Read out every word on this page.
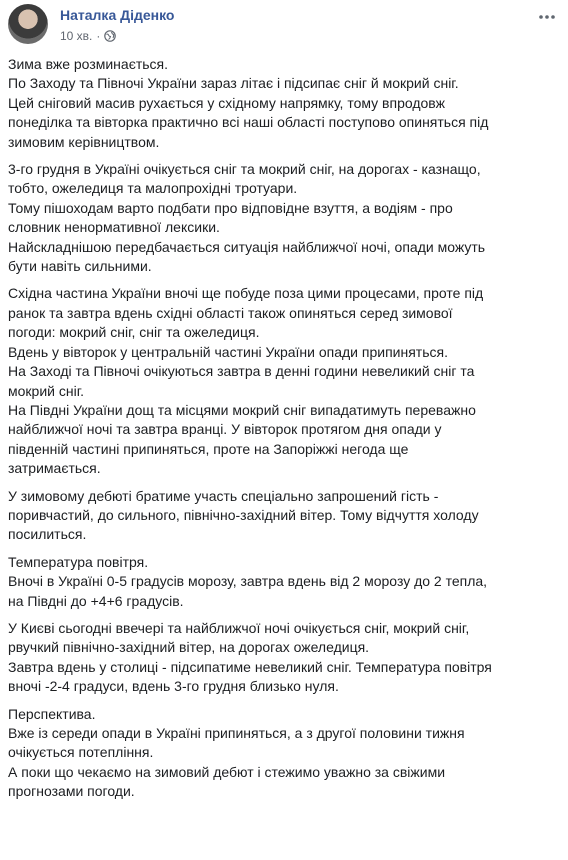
Наталка Діденко
10 хв. ·

Зима вже розминається.
По Заходу та Півночі України зараз літає і підсипає сніг й мокрий сніг.
Цей сніговий масив рухається у східному напрямку, тому впродовж
понеділка та вівторка практично всі наші області поступово опиняться під
зимовим керівництвом.

3-го грудня в Україні очікується сніг та мокрий сніг, на дорогах - казнащо,
тобто, ожеледиця та малопрохідні тротуари.
Тому пішоходам варто подбати про відповідне взуття, а водіям - про
словник ненормативної лексики.
Найскладнішою передбачається ситуація найближчої ночі, опади можуть
бути навіть сильними.

Східна частина України вночі ще побуде поза цими процесами, проте під
ранок та завтра вдень східні області також опиняться серед зимової
погоди: мокрий сніг, сніг та ожеледиця.
Вдень у вівторок у центральній частині України опади припиняться.
На Заході та Півночі очікуються завтра в денні години невеликий сніг та
мокрий сніг.
На Півдні України дощ та місцями мокрий сніг випадатимуть переважно
найближчої ночі та завтра вранці. У вівторок протягом дня опади у
південній частині припиняться, проте на Запоріжжі негода ще
затримається.

У зимовому дебюті братиме участь спеціально запрошений гість -
поривчастий, до сильного, північно-західний вітер. Тому відчуття холоду
посилиться.

Температура повітря.
Вночі в Україні 0-5 градусів морозу, завтра вдень від 2 морозу до 2 тепла,
на Півдні до +4+6 градусів.

У Києві сьогодні ввечері та найближчої ночі очікується сніг, мокрий сніг,
рвучкий північно-західний вітер, на дорогах ожеледиця.
Завтра вдень у столиці - підсипатиме невеликий сніг. Температура повітря
вночі -2-4 градуси, вдень 3-го грудня близько нуля.

Перспектива.
Вже із середи опади в Україні припиняться, а з другої половини тижня
очікується потепління.
А поки що чекаємо на зимовий дебют і стежимо уважно за свіжими
прогнозами погоди.
